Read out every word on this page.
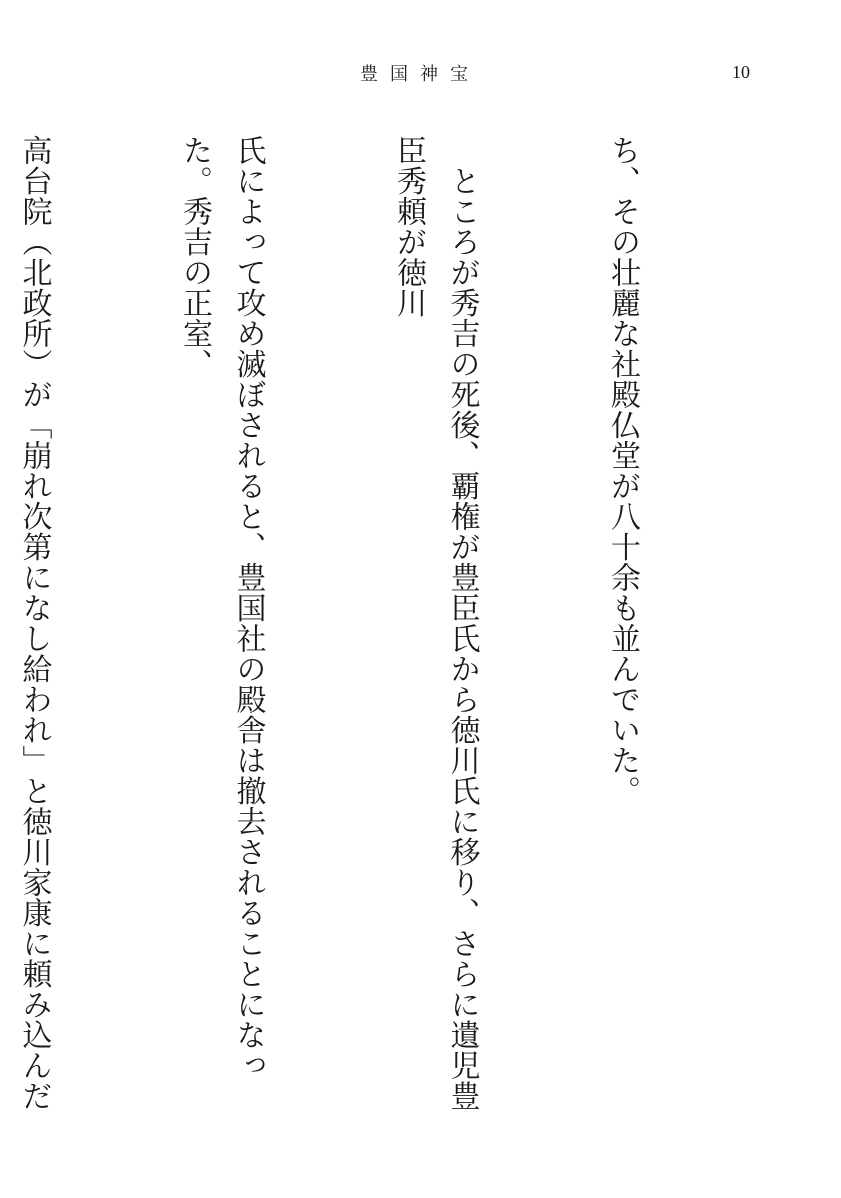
豊国神宝	10

ち、その壮麗な社殿仏堂が八十余も並んでいた。

　ところが秀吉の死後、覇権が豊臣氏から徳川氏に移り、さらに遺児豊臣秀頼が徳川

氏によって攻め滅ぼされると、豊国社の殿舎は撤去されることになった。秀吉の正室、

高台院（北政所）が「崩れ次第になし給われ」と徳川家康に頼み込んだ
